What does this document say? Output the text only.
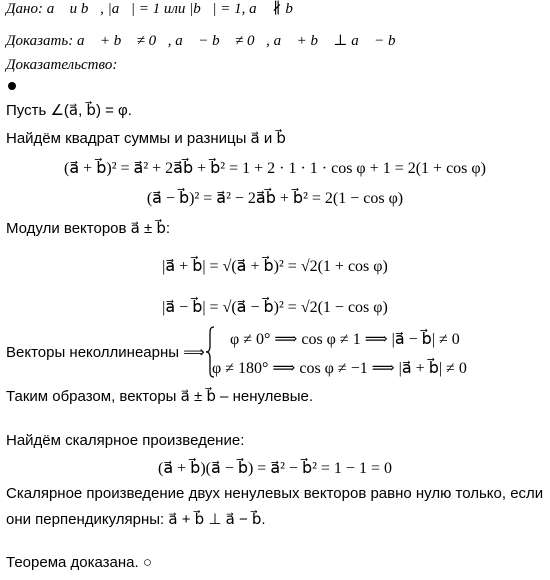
Дано: a⃗ и b⃗, |a⃗| = 1 или |b⃗| = 1, a⃗ ∦ b⃗
Доказать: a⃗ + b⃗ ≠ 0⃗, a⃗ − b⃗ ≠ 0⃗, a⃗ + b⃗ ⊥ a⃗ − b⃗
Доказательство:
Пусть ∠(a⃗, b⃗) = φ.
Найдём квадрат суммы и разницы a⃗ и b⃗
(a⃗ + b⃗)² = a⃗² + 2a⃗b⃗ + b⃗² = 1 + 2 · 1 · 1 · cos φ + 1 = 2(1 + cos φ)
(a⃗ − b⃗)² = a⃗² − 2a⃗b⃗ + b⃗² = 2(1 − cos φ)
Модули векторов a⃗ ± b⃗:
|a⃗ + b⃗| = √(a⃗ + b⃗)² = √2(1 + cos φ)
|a⃗ − b⃗| = √(a⃗ − b⃗)² = √2(1 − cos φ)
Векторы неколлинеарны ⟹
φ ≠ 0° ⟹ cos φ ≠ 1 ⟹ |a⃗ − b⃗| ≠ 0
φ ≠ 180° ⟹ cos φ ≠ −1 ⟹ |a⃗ + b⃗| ≠ 0
Таким образом, векторы a⃗ ± b⃗ – ненулевые.
Найдём скалярное произведение:
(a⃗ + b⃗)(a⃗ − b⃗) = a⃗² − b⃗² = 1 − 1 = 0
Скалярное произведение двух ненулевых векторов равно нулю только, если
они перпендикулярны: a⃗ + b⃗ ⊥ a⃗ − b⃗.
Теорема доказана. ○
